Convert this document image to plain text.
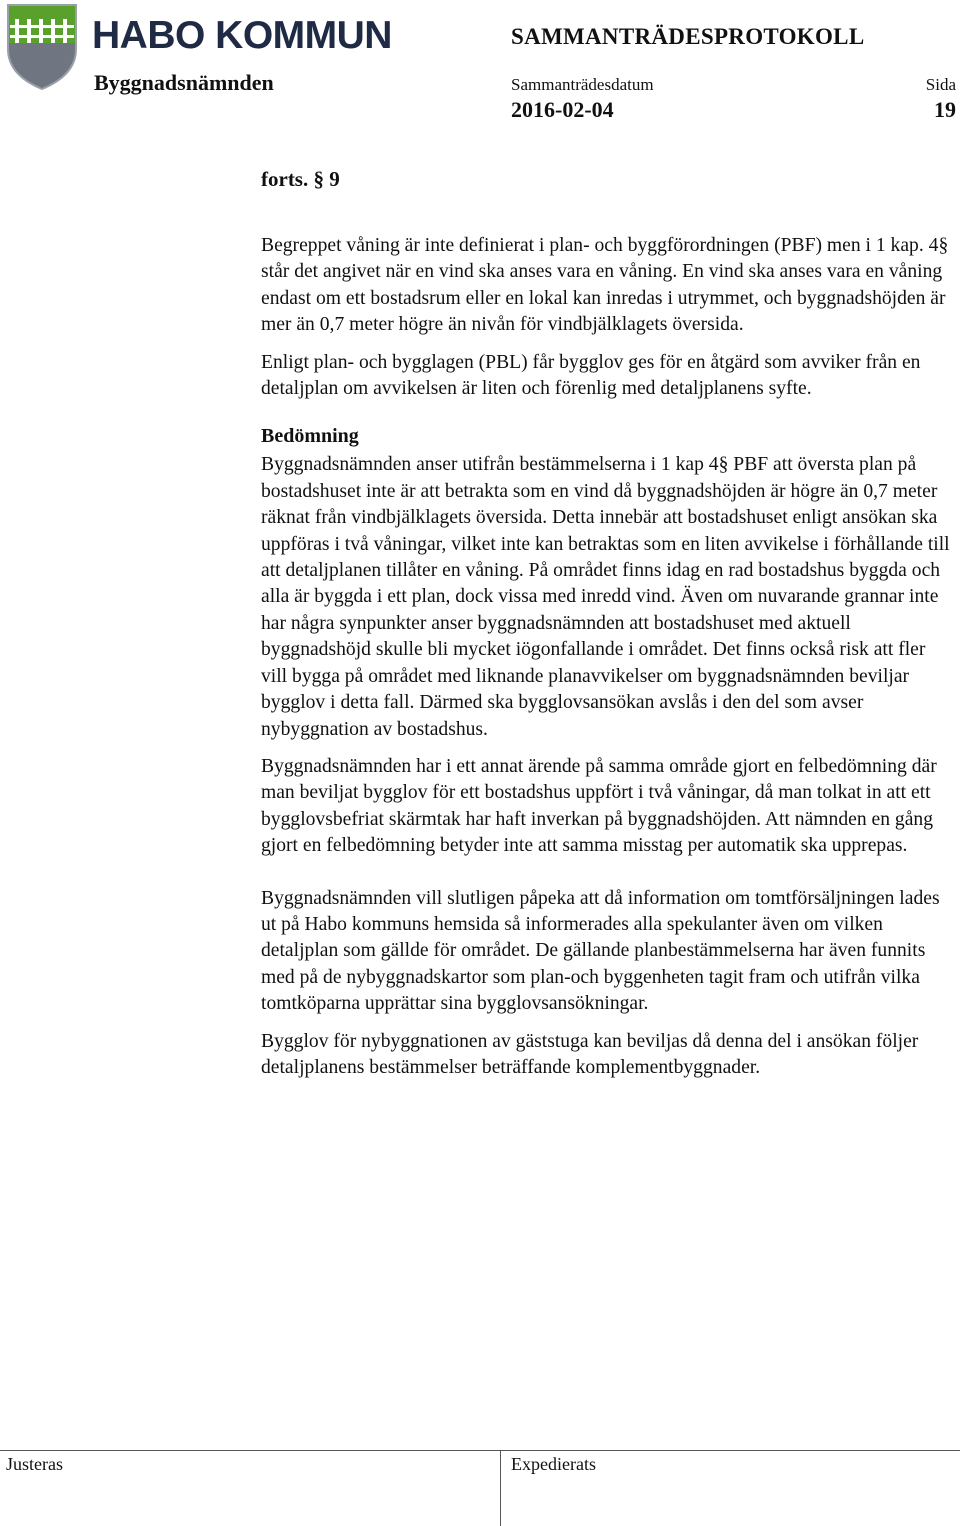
HABO KOMMUN
Byggnadsnämnden
SAMMANTRÄDESPROTOKOLL
Sammanträdesdatum	Sida
2016-02-04	19
forts. § 9

Begreppet våning är inte definierat i plan- och byggförordningen (PBF) men i 1 kap. 4§ står det angivet när en vind ska anses vara en våning. En vind ska anses vara en våning endast om ett bostadsrum eller en lokal kan inredas i utrymmet, och byggnadshöjden är mer än 0,7 meter högre än nivån för vindbjälklagets översida.

Enligt plan- och bygglagen (PBL) får bygglov ges för en åtgärd som avviker från en detaljplan om avvikelsen är liten och förenlig med detaljplanens syfte.

Bedömning

Byggnadsnämnden anser utifrån bestämmelserna i 1 kap 4§ PBF att översta plan på bostadshuset inte är att betrakta som en vind då byggnadshöjden är högre än 0,7 meter räknat från vindbjälklagets översida. Detta innebär att bostadshuset enligt ansökan ska uppföras i två våningar, vilket inte kan betraktas som en liten avvikelse i förhållande till att detaljplanen tillåter en våning. På området finns idag en rad bostadshus byggda och alla är byggda i ett plan, dock vissa med inredd vind. Även om nuvarande grannar inte har några synpunkter anser byggnadsnämnden att bostadshuset med aktuell byggnadshöjd skulle bli mycket iögonfallande i området. Det finns också risk att fler vill bygga på området med liknande planavvikelser om byggnadsnämnden beviljar bygglov i detta fall. Därmed ska bygglovsansökan avslås i den del som avser nybyggnation av bostadshus.

Byggnadsnämnden har i ett annat ärende på samma område gjort en felbedömning där man beviljat bygglov för ett bostadshus uppfört i två våningar, då man tolkat in att ett bygglovsbefriat skärmtak har haft inverkan på byggnadshöjden. Att nämnden en gång gjort en felbedömning betyder inte att samma misstag per automatik ska upprepas.

Byggnadsnämnden vill slutligen påpeka att då information om tomtförsäljningen lades ut på Habo kommuns hemsida så informerades alla spekulanter även om vilken detaljplan som gällde för området. De gällande planbestämmelserna har även funnits med på de nybyggnadskartor som plan-och byggenheten tagit fram och utifrån vilka tomtköparna upprättar sina bygglovsansökningar.

Bygglov för nybyggnationen av gäststuga kan beviljas då denna del i ansökan följer detaljplanens bestämmelser beträffande komplementbyggnader.

Justeras	Expedierats
